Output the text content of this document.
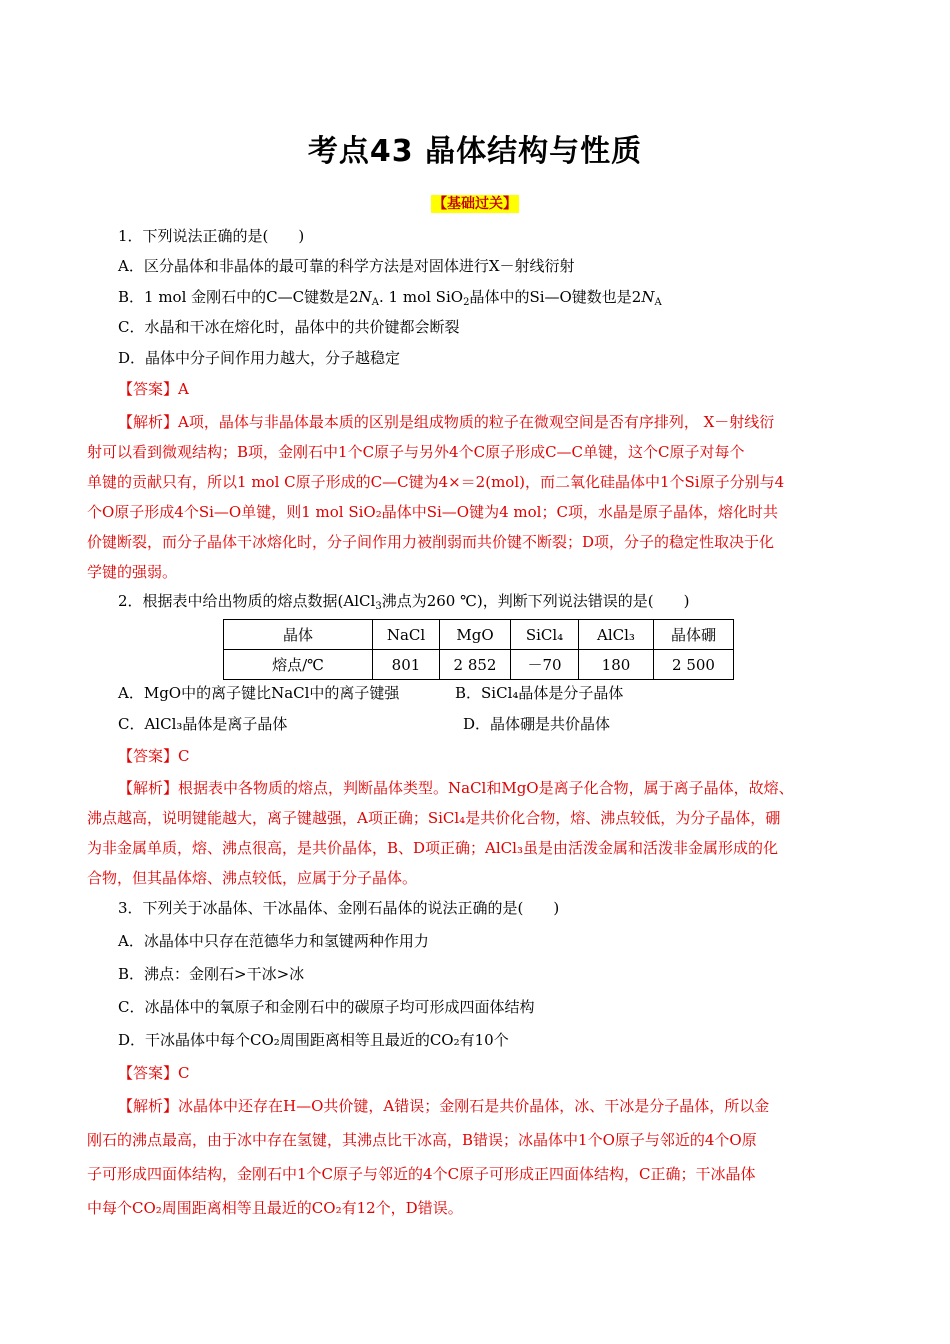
考点43 晶体结构与性质
【基础过关】
1．下列说法正确的是(　　)
A．区分晶体和非晶体的最可靠的科学方法是对固体进行X－射线衍射
B．1 mol 金刚石中的C—C键数是$2N_A$. 1 mol SiO$_2$晶体中的Si—O键数也是$2N_A$
C．水晶和干冰在熔化时，晶体中的共价键都会断裂
D．晶体中分子间作用力越大，分子越稳定
【答案】A
【解析】A项，晶体与非晶体最本质的区别是组成物质的粒子在微观空间是否有序排列， X－射线衍
射可以看到微观结构；B项，金刚石中1个C原子与另外4个C原子形成C—C单键，这个C原子对每个
单键的贡献只有，所以1 mol C原子形成的C—C键为4×＝2(mol)，而二氧化硅晶体中1个Si原子分别与4
个O原子形成4个Si—O单键，则1 mol SiO₂晶体中Si—O键为4 mol；C项，水晶是原子晶体，熔化时共
价键断裂，而分子晶体干冰熔化时，分子间作用力被削弱而共价键不断裂；D项，分子的稳定性取决于化
学键的强弱。
2．根据表中给出物质的熔点数据(AlCl$_3$沸点为260 ℃)，判断下列说法错误的是(　　)
晶体	NaCl	MgO	SiCl₄	AlCl₃	晶体硼
熔点/℃	801	2 852	－70	180	2 500
A．MgO中的离子键比NaCl中的离子键强	B．SiCl₄晶体是分子晶体
C．AlCl₃晶体是离子晶体	D．晶体硼是共价晶体
【答案】C
【解析】根据表中各物质的熔点，判断晶体类型。NaCl和MgO是离子化合物，属于离子晶体，故熔、
沸点越高，说明键能越大，离子键越强，A项正确；SiCl₄是共价化合物，熔、沸点较低，为分子晶体，硼
为非金属单质，熔、沸点很高，是共价晶体，B、D项正确；AlCl₃虽是由活泼金属和活泼非金属形成的化
合物，但其晶体熔、沸点较低，应属于分子晶体。
3．下列关于冰晶体、干冰晶体、金刚石晶体的说法正确的是(　　)
A．冰晶体中只存在范德华力和氢键两种作用力
B．沸点：金刚石>干冰>冰
C．冰晶体中的氧原子和金刚石中的碳原子均可形成四面体结构
D．干冰晶体中每个CO₂周围距离相等且最近的CO₂有10个
【答案】C
【解析】冰晶体中还存在H—O共价键，A错误；金刚石是共价晶体，冰、干冰是分子晶体，所以金
刚石的沸点最高，由于冰中存在氢键，其沸点比干冰高，B错误；冰晶体中1个O原子与邻近的4个O原
子可形成四面体结构，金刚石中1个C原子与邻近的4个C原子可形成正四面体结构，C正确；干冰晶体
中每个CO₂周围距离相等且最近的CO₂有12个，D错误。
